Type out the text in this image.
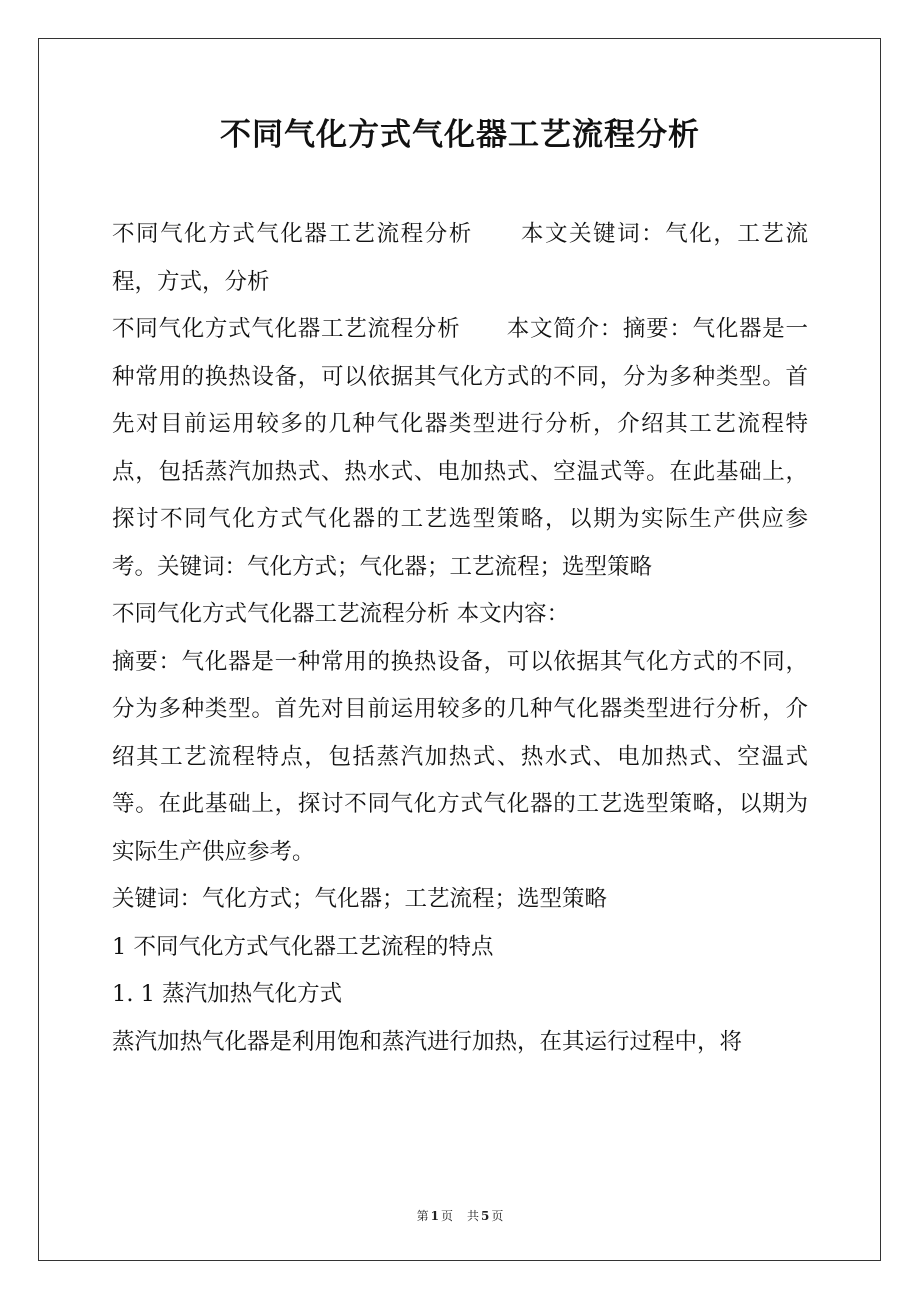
不同气化方式气化器工艺流程分析

不同气化方式气化器工艺流程分析　　本文关键词：气化，工艺流程，方式，分析

不同气化方式气化器工艺流程分析　　本文简介：摘要：气化器是一种常用的换热设备，可以依据其气化方式的不同，分为多种类型。首先对目前运用较多的几种气化器类型进行分析，介绍其工艺流程特点，包括蒸汽加热式、热水式、电加热式、空温式等。在此基础上，探讨不同气化方式气化器的工艺选型策略，以期为实际生产供应参考。关键词：气化方式；气化器；工艺流程；选型策略

不同气化方式气化器工艺流程分析 本文内容：

摘要：气化器是一种常用的换热设备，可以依据其气化方式的不同，分为多种类型。首先对目前运用较多的几种气化器类型进行分析，介绍其工艺流程特点，包括蒸汽加热式、热水式、电加热式、空温式等。在此基础上，探讨不同气化方式气化器的工艺选型策略，以期为实际生产供应参考。

关键词：气化方式；气化器；工艺流程；选型策略

1 不同气化方式气化器工艺流程的特点

1. 1 蒸汽加热气化方式

蒸汽加热气化器是利用饱和蒸汽进行加热，在其运行过程中，将

第 1 页 共 5 页
